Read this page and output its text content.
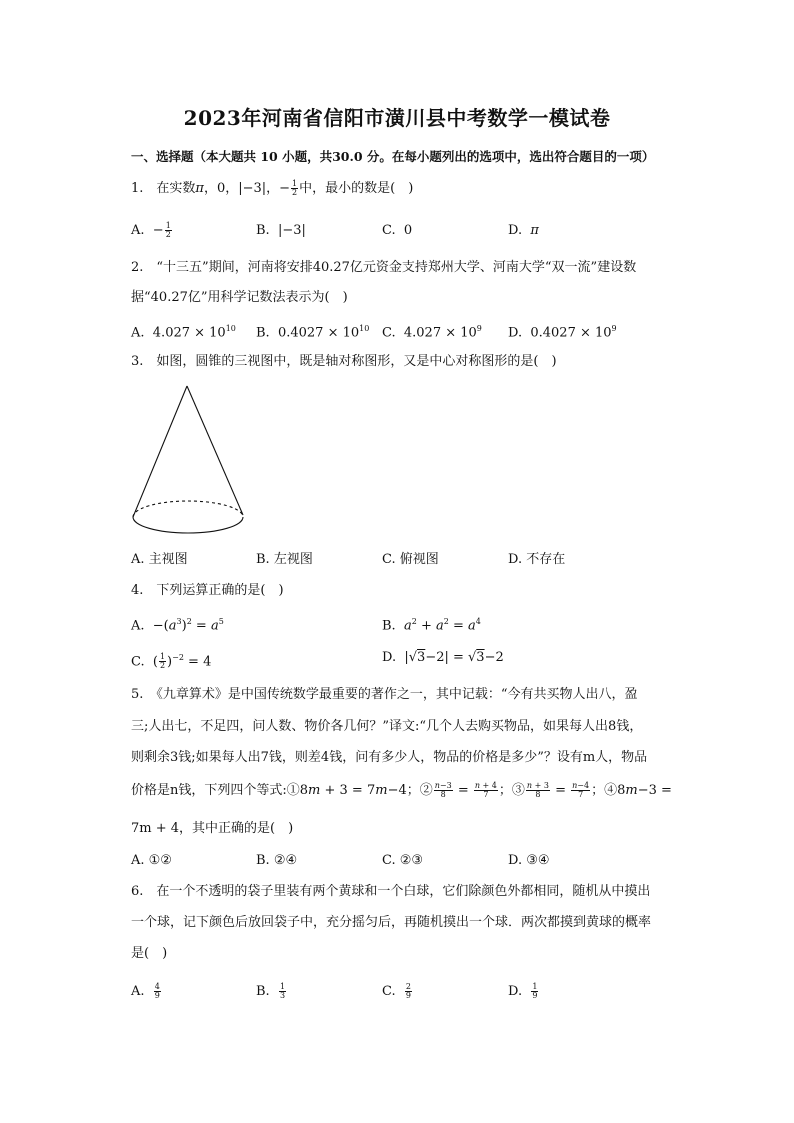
2023年河南省信阳市潢川县中考数学一模试卷
一、选择题（本大题共 10 小题，共30.0 分。在每小题列出的选项中，选出符合题目的一项）
1.　在实数π，0，|−3|，− $\frac{1}{2}$ 中，最小的数是(　)
A.  − $\frac{1}{2}$	B.  |−3|	C.  0	D.  π
2.　“十三五”期间，河南将安排40.27亿元资金支持郑州大学、河南大学“双一流”建设数
据“40.27亿”用科学记数法表示为(　)
A.  $4.027 \times 10^{10}$ B.  $0.4027 \times 10^{10}$ C.  $4.027 \times 10^9$ D.  $0.4027 \times 10^9$
3.　如图，圆锥的三视图中，既是轴对称图形，又是中心对称图形的是(　)
A. 主视图	B. 左视图	C. 俯视图	D. 不存在
4.　下列运算正确的是(　)
A.  $-(a^3)^2 = a^5$	B.  $a^2 + a^2 = a^4$
C.  ( $\frac{1}{2} )^{-2} = 4$	D.  |√3−2| = √3−2
5.　《九章算术》是中国传统数学最重要的著作之一，其中记载：“今有共买物人出八，盈
三;人出七，不足四，问人数、物价各几何？”译文:“几个人去购买物品，如果每人出8钱，
则剩余3钱;如果每人出7钱，则差4钱，问有多少人，物品的价格是多少”？设有m人，物品
价格是n钱，下列四个等式:①8m + 3 = 7m−4；② $\frac{n-3}{8} = \frac{n + 4}{7}$ ；③ $\frac{n + 3}{8} = \frac{n-4}{7}$ ；④8m−3 =
7m + 4，其中正确的是(　)
A. ①②	B. ②④	C. ②③	D. ③④
6.　在一个不透明的袋子里装有两个黄球和一个白球，它们除颜色外都相同，随机从中摸出
一个球，记下颜色后放回袋子中，充分摇匀后，再随机摸出一个球．两次都摸到黄球的概率
是(　)
A. $\frac{4}{9}$	B. $\frac{1}{3}$	C. $\frac{2}{9}$	D. $\frac{1}{9}$
